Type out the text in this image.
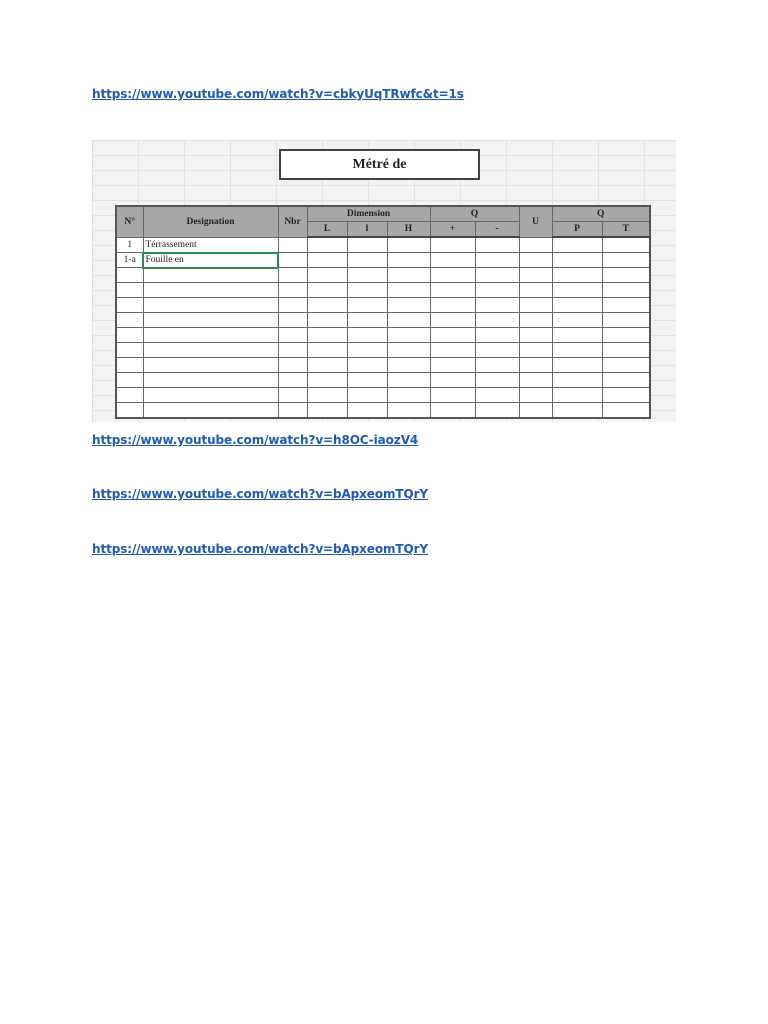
https://www.youtube.com/watch?v=cbkyUqTRwfc&t=1s
Métré de
N°	Designation	Nbr	Dimension			Q		U	Q	
			L	l	H	+	-		P	T
1	Térrassement									
1-a	Fouille en									

https://www.youtube.com/watch?v=h8OC-iaozV4
https://www.youtube.com/watch?v=bApxeomTQrY
https://www.youtube.com/watch?v=bApxeomTQrY
